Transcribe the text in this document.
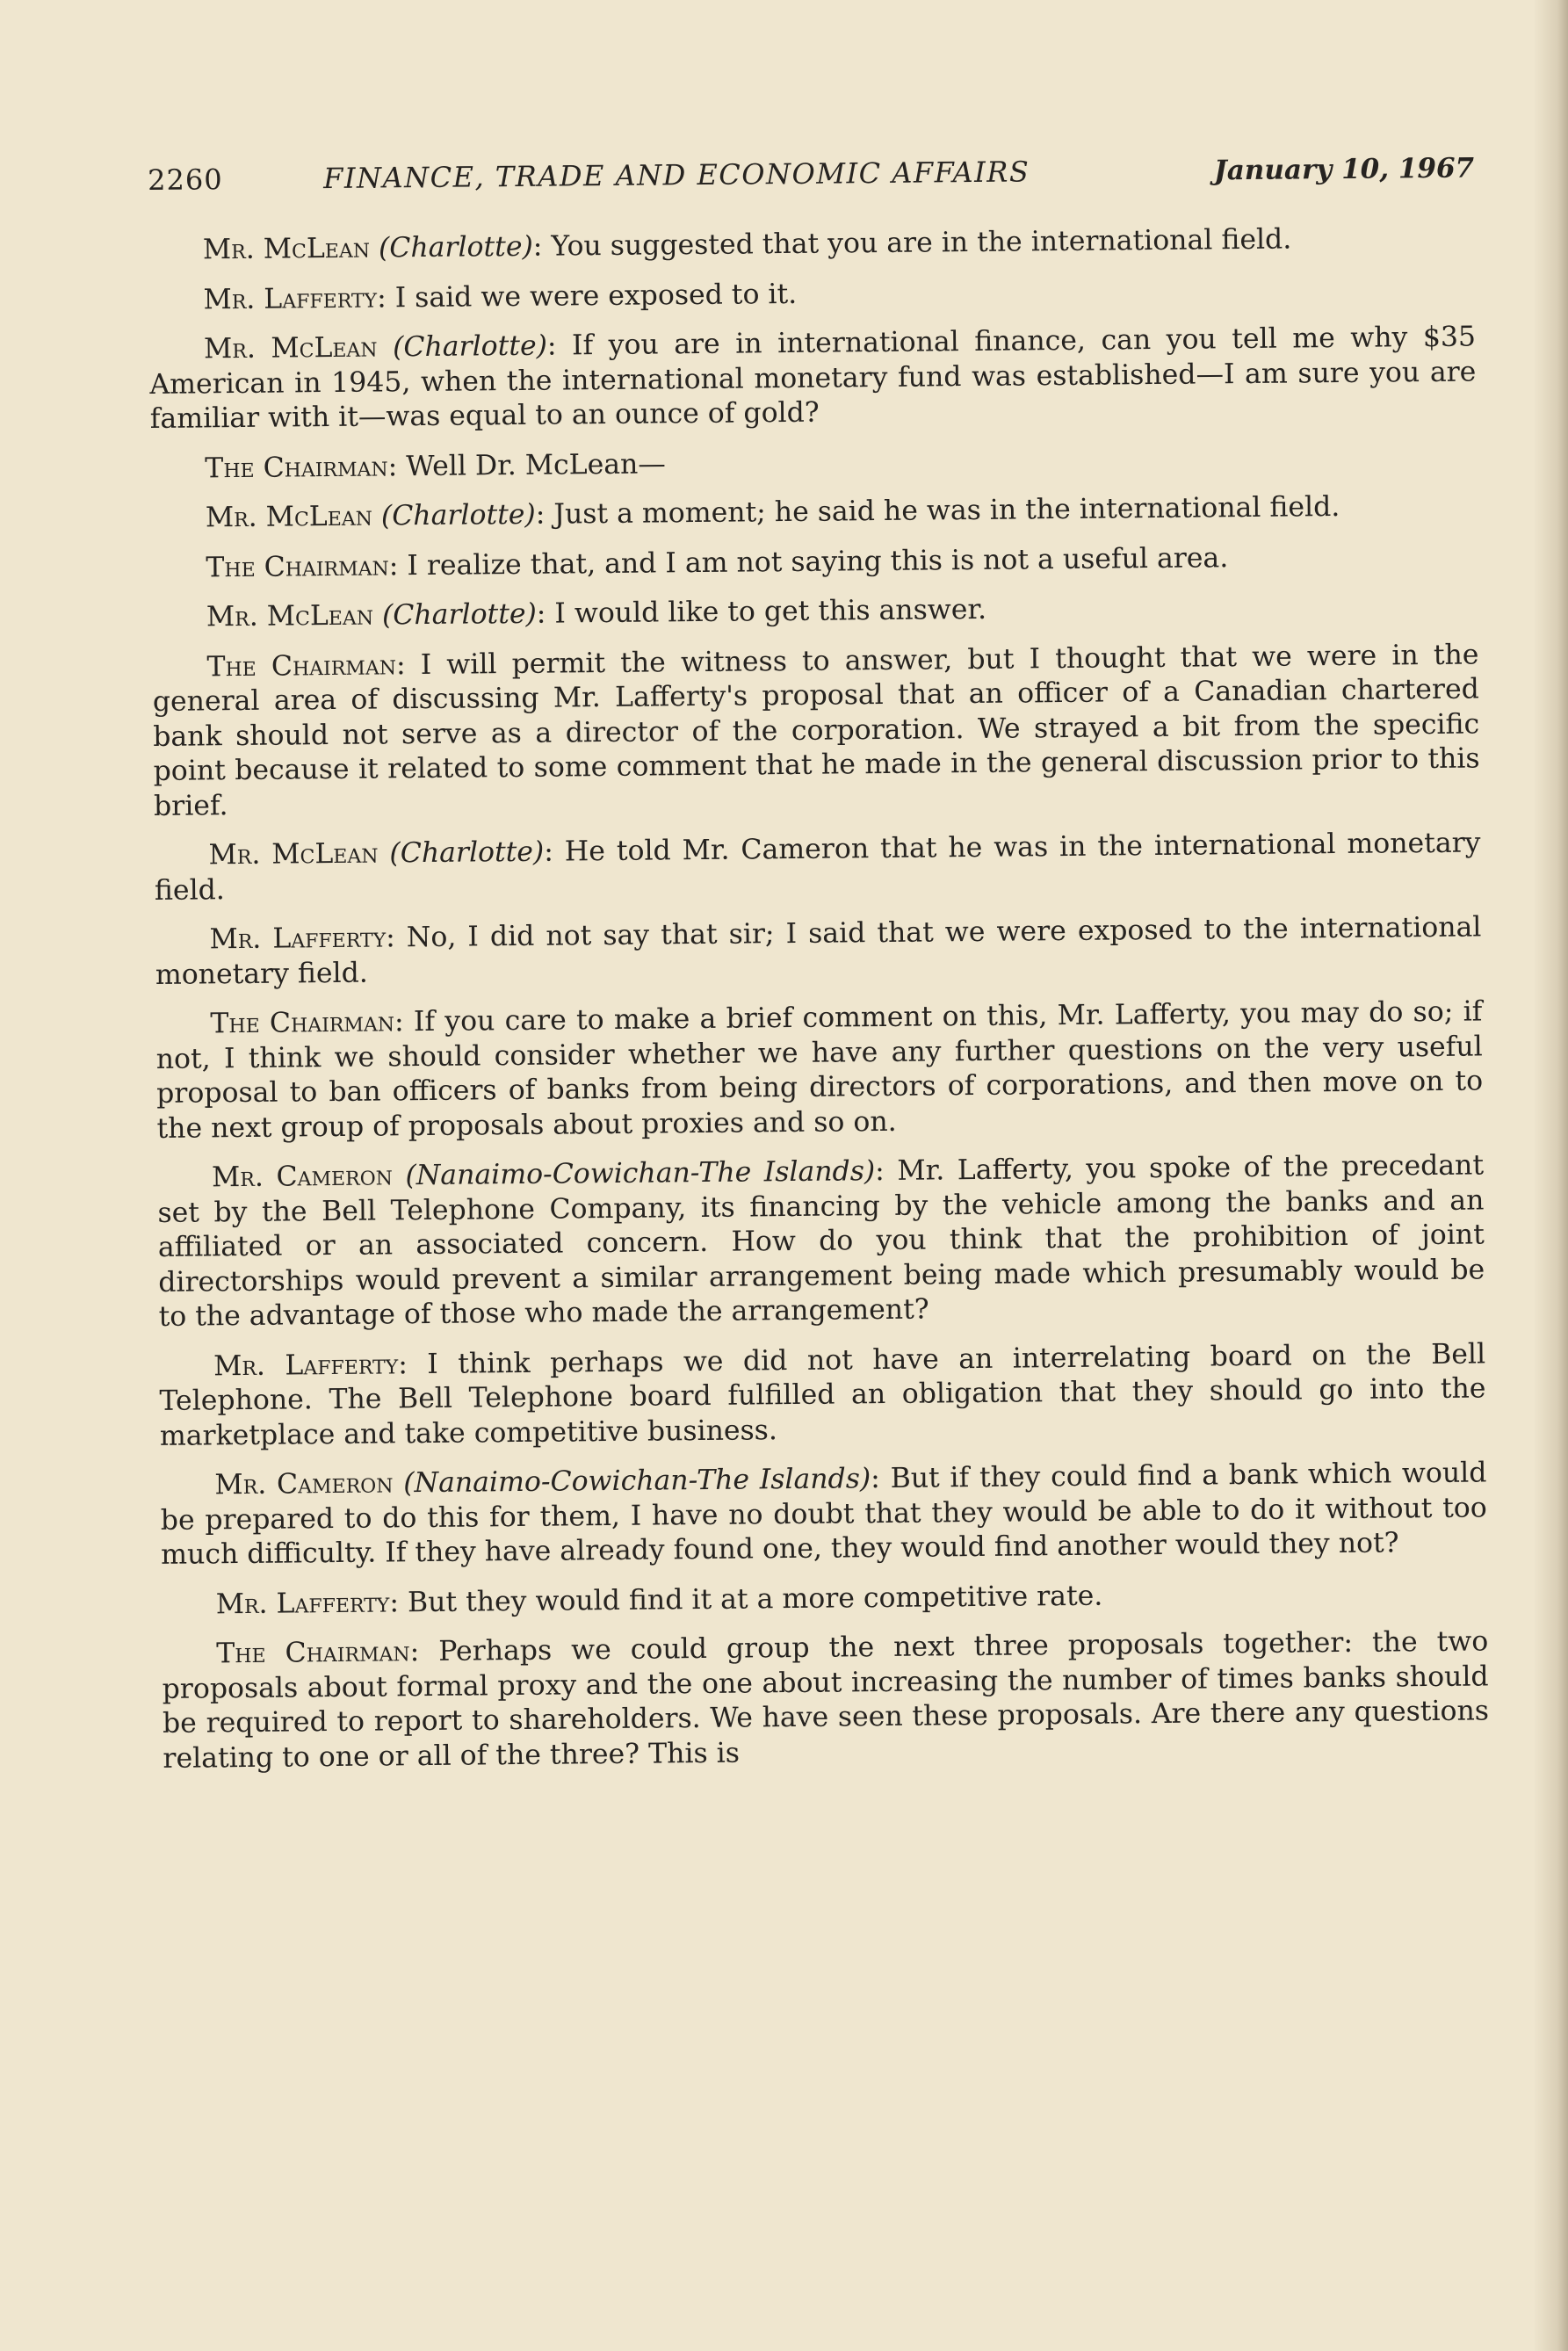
2260	FINANCE, TRADE AND ECONOMIC AFFAIRS	January 10, 1967

Mr. McLean (Charlotte): You suggested that you are in the international field.

Mr. Lafferty: I said we were exposed to it.

Mr. McLean (Charlotte): If you are in international finance, can you tell me why $35 American in 1945, when the international monetary fund was established—I am sure you are familiar with it—was equal to an ounce of gold?

The Chairman: Well Dr. McLean—

Mr. McLean (Charlotte): Just a moment; he said he was in the international field.

The Chairman: I realize that, and I am not saying this is not a useful area.

Mr. McLean (Charlotte): I would like to get this answer.

The Chairman: I will permit the witness to answer, but I thought that we were in the general area of discussing Mr. Lafferty's proposal that an officer of a Canadian chartered bank should not serve as a director of the corporation. We strayed a bit from the specific point because it related to some comment that he made in the general discussion prior to this brief.

Mr. McLean (Charlotte): He told Mr. Cameron that he was in the international monetary field.

Mr. Lafferty: No, I did not say that sir; I said that we were exposed to the international monetary field.

The Chairman: If you care to make a brief comment on this, Mr. Lafferty, you may do so; if not, I think we should consider whether we have any further questions on the very useful proposal to ban officers of banks from being directors of corporations, and then move on to the next group of proposals about proxies and so on.

Mr. Cameron (Nanaimo-Cowichan-The Islands): Mr. Lafferty, you spoke of the precedant set by the Bell Telephone Company, its financing by the vehicle among the banks and an affiliated or an associated concern. How do you think that the prohibition of joint directorships would prevent a similar arrangement being made which presumably would be to the advantage of those who made the arrangement?

Mr. Lafferty: I think perhaps we did not have an interrelating board on the Bell Telephone. The Bell Telephone board fulfilled an obligation that they should go into the marketplace and take competitive business.

Mr. Cameron (Nanaimo-Cowichan-The Islands): But if they could find a bank which would be prepared to do this for them, I have no doubt that they would be able to do it without too much difficulty. If they have already found one, they would find another would they not?

Mr. Lafferty: But they would find it at a more competitive rate.

The Chairman: Perhaps we could group the next three proposals together: the two proposals about formal proxy and the one about increasing the number of times banks should be required to report to shareholders. We have seen these proposals. Are there any questions relating to one or all of the three? This is
